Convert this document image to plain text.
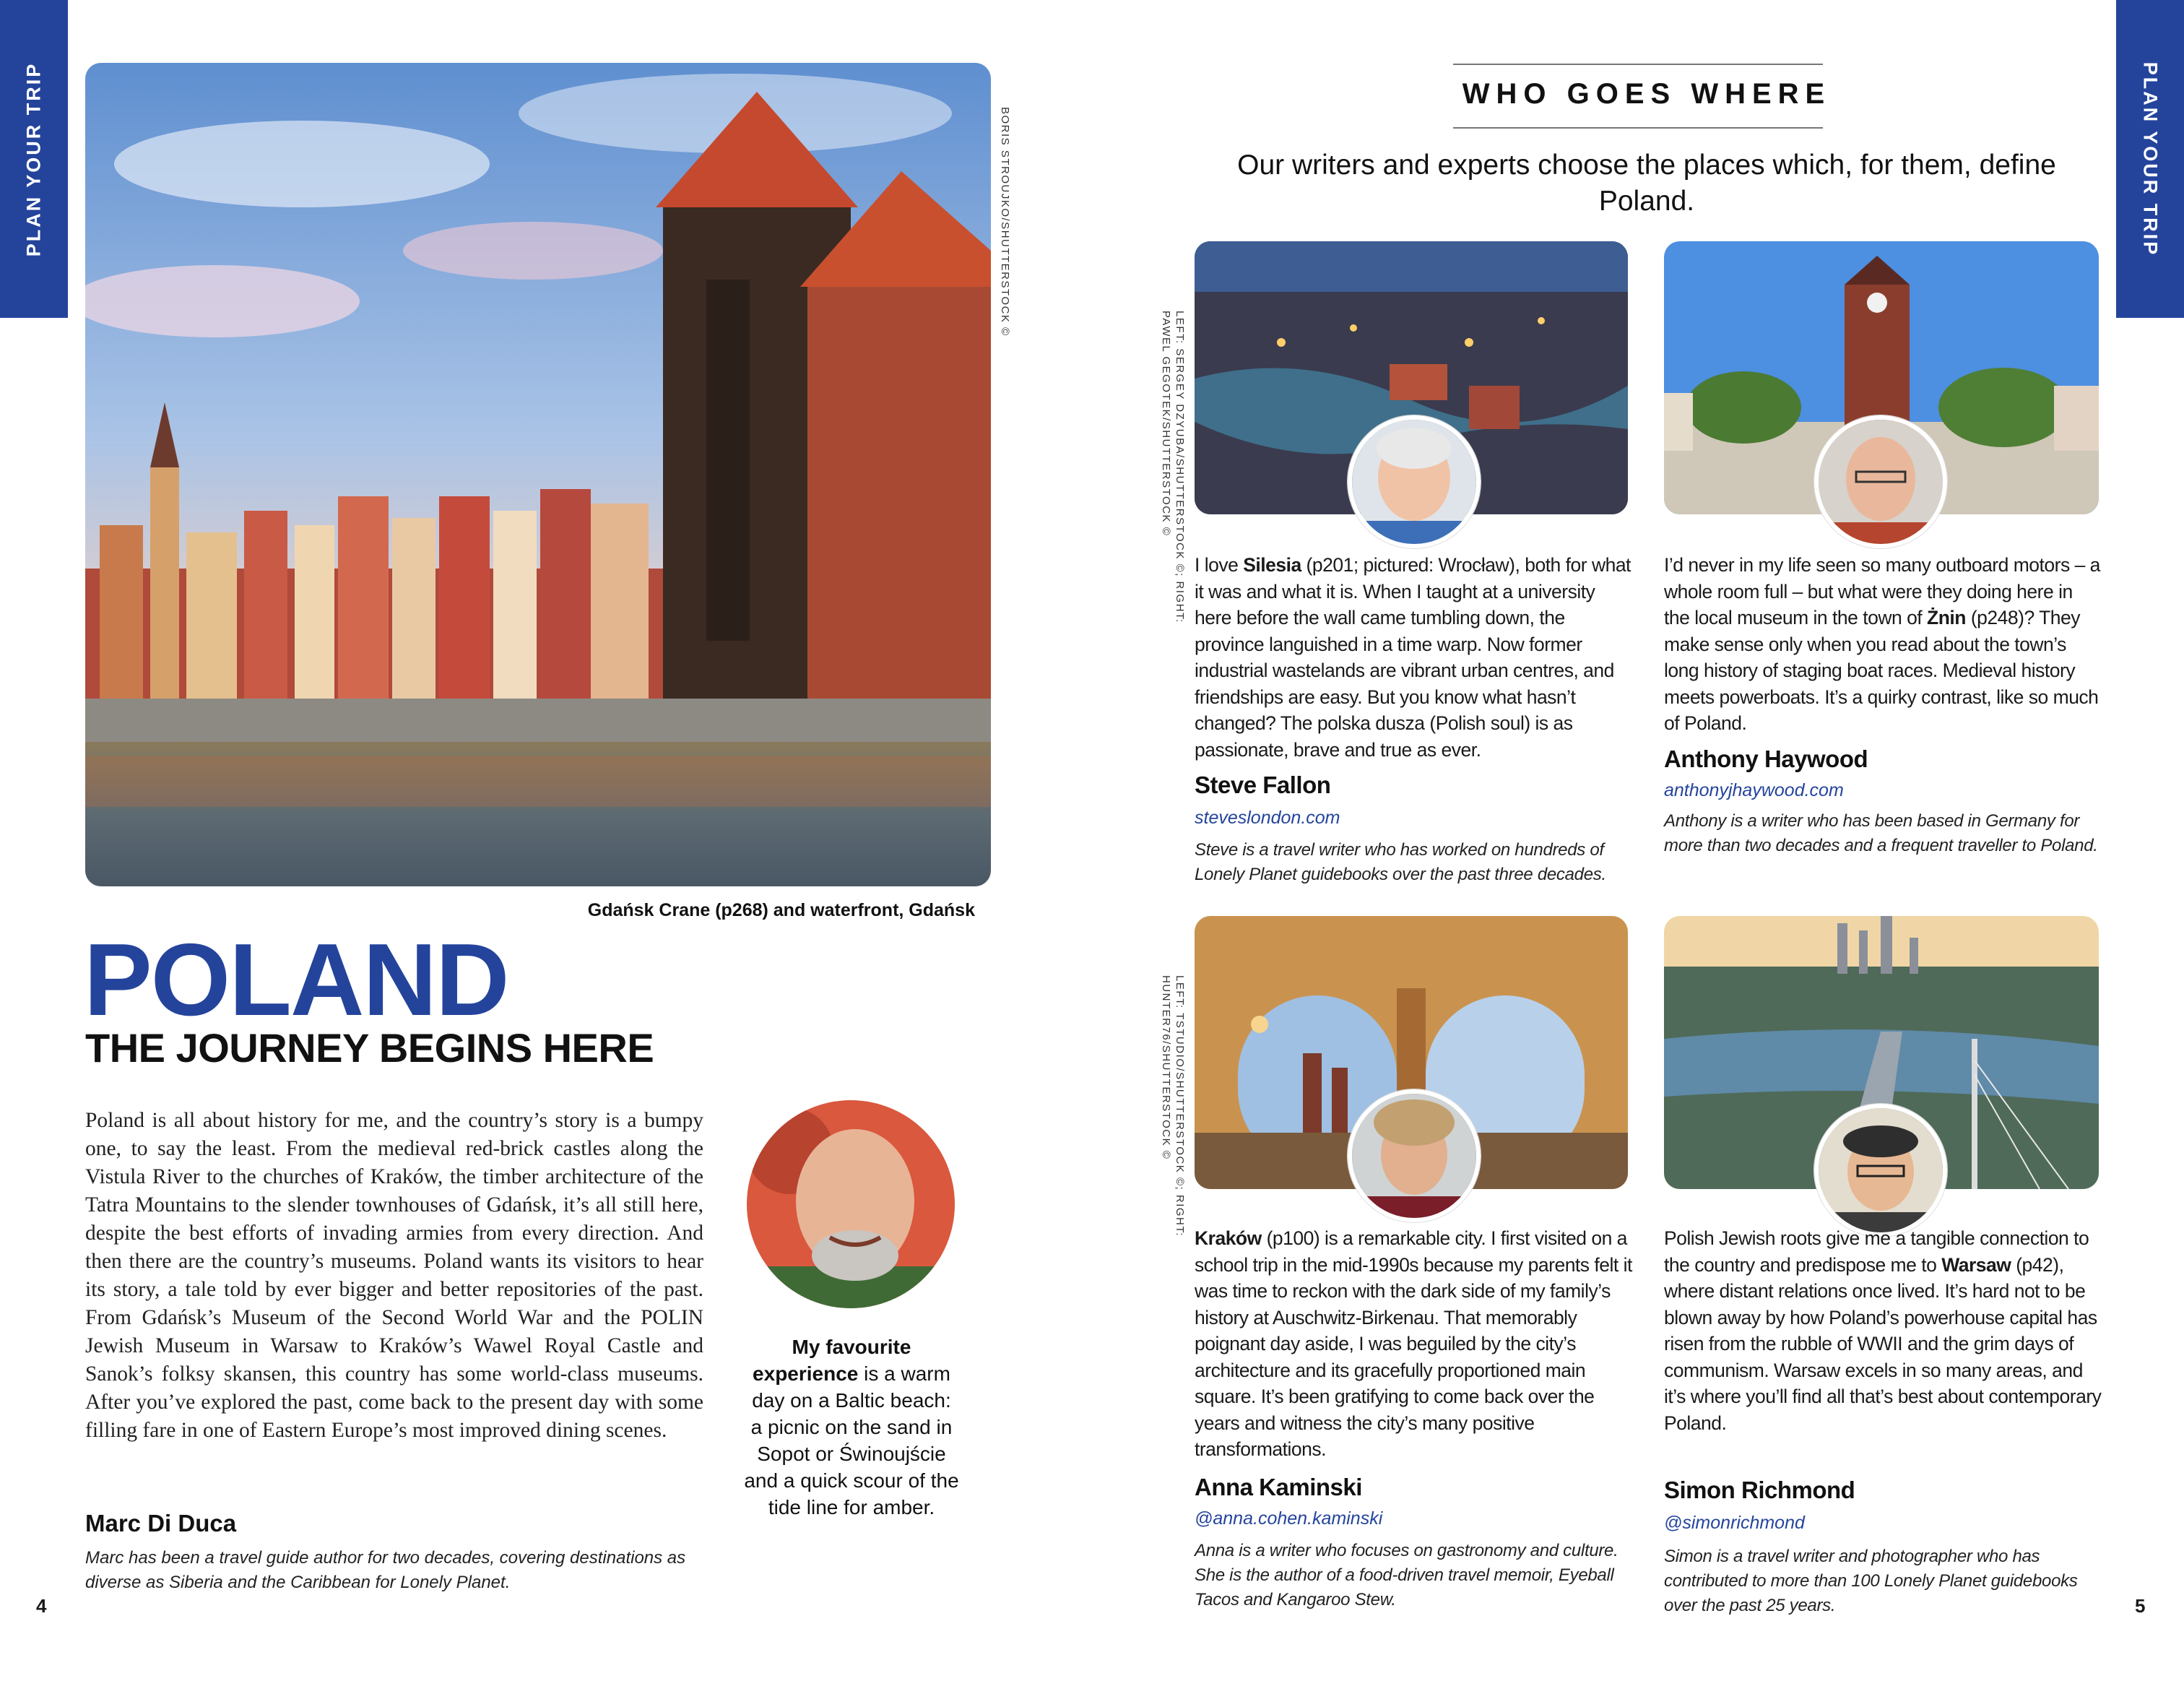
PLAN YOUR TRIP	PLAN YOUR TRIP
BORIS STROUJKO/SHUTTERSTOCK ©
Gdańsk Crane (p268) and waterfront, Gdańsk
POLAND
THE JOURNEY BEGINS HERE
Poland is all about history for me, and the country’s story is a bumpy one, to say the least. From the medieval red-brick castles along the Vistula River to the churches of Kraków, the timber architecture of the Tatra Mountains to the slender townhouses of Gdańsk, it’s all still here, despite the best efforts of invading armies from every direction. And then there are the country’s museums. Poland wants its visitors to hear its story, a tale told by ever bigger and better repositories of the past. From Gdańsk’s Museum of the Second World War and the POLIN Jewish Museum in Warsaw to Kraków’s Wawel Royal Castle and Sanok’s folksy skansen, this country has some world-class museums. After you’ve explored the past, come back to the present day with some filling fare in one of Eastern Europe’s most improved dining scenes.
Marc Di Duca
Marc has been a travel guide author for two decades, covering destinations as diverse as Siberia and the Caribbean for Lonely Planet.
My favourite experience is a warm day on a Baltic beach: a picnic on the sand in Sopot or Świnoujście and a quick scour of the tide line for amber.
4
WHO GOES WHERE
Our writers and experts choose the places which, for them, define Poland.
LEFT: SERGEY DZYUBA/SHUTTERSTOCK ©; RIGHT: PAWEL GEGOTEK/SHUTTERSTOCK ©
LEFT: TSTUDIO/SHUTTERSTOCK ©; RIGHT: HUNTER76/SHUTTERSTOCK ©
I love Silesia (p201; pictured: Wrocław), both for what it was and what it is. When I taught at a university here before the wall came tumbling down, the province languished in a time warp. Now former industrial wastelands are vibrant urban centres, and friendships are easy. But you know what hasn’t changed? The polska dusza (Polish soul) is as passionate, brave and true as ever.
Steve Fallon
steveslondon.com
Steve is a travel writer who has worked on hundreds of Lonely Planet guidebooks over the past three decades.
I’d never in my life seen so many outboard motors – a whole room full – but what were they doing here in the local museum in the town of Żnin (p248)? They make sense only when you read about the town’s long history of staging boat races. Medieval history meets powerboats. It’s a quirky contrast, like so much of Poland.
Anthony Haywood
anthonyjhaywood.com
Anthony is a writer who has been based in Germany for more than two decades and a frequent traveller to Poland.
Kraków (p100) is a remarkable city. I first visited on a school trip in the mid-1990s because my parents felt it was time to reckon with the dark side of my family’s history at Auschwitz-Birkenau. That memorably poignant day aside, I was beguiled by the city’s architecture and its gracefully proportioned main square. It’s been gratifying to come back over the years and witness the city’s many positive transformations.
Anna Kaminski
@anna.cohen.kaminski
Anna is a writer who focuses on gastronomy and culture. She is the author of a food-driven travel memoir, Eyeball Tacos and Kangaroo Stew.
Polish Jewish roots give me a tangible connection to the country and predispose me to Warsaw (p42), where distant relations once lived. It’s hard not to be blown away by how Poland’s powerhouse capital has risen from the rubble of WWII and the grim days of communism. Warsaw excels in so many areas, and it’s where you’ll find all that’s best about contemporary Poland.
Simon Richmond
@simonrichmond
Simon is a travel writer and photographer who has contributed to more than 100 Lonely Planet guidebooks over the past 25 years.	5
